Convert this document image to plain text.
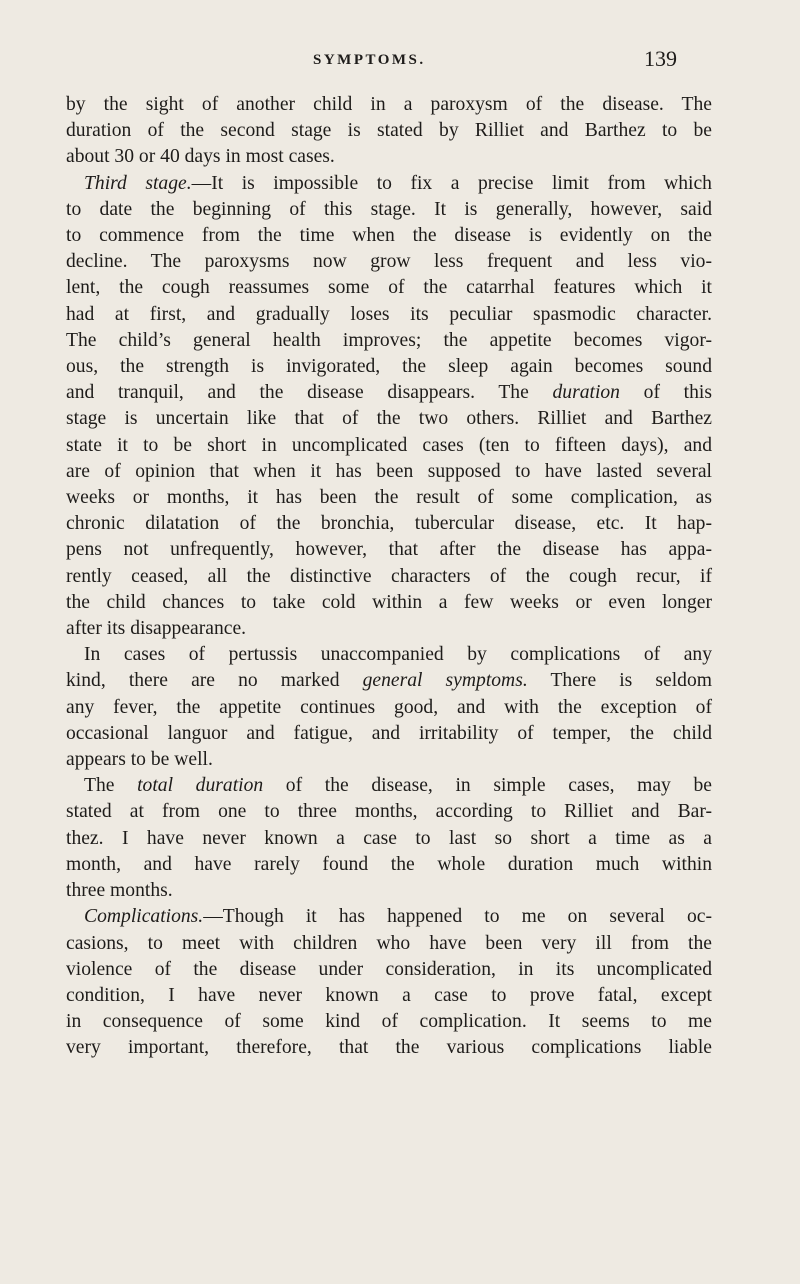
SYMPTOMS.	139
by the sight of another child in a paroxysm of the disease. The
duration of the second stage is stated by Rilliet and Barthez to be
about 30 or 40 days in most cases.
Third stage.—It is impossible to fix a precise limit from which
to date the beginning of this stage. It is generally, however, said
to commence from the time when the disease is evidently on the
decline. The paroxysms now grow less frequent and less vio-
lent, the cough reassumes some of the catarrhal features which it
had at first, and gradually loses its peculiar spasmodic character.
The child’s general health improves; the appetite becomes vigor-
ous, the strength is invigorated, the sleep again becomes sound
and tranquil, and the disease disappears. The duration of this
stage is uncertain like that of the two others. Rilliet and Barthez
state it to be short in uncomplicated cases (ten to fifteen days), and
are of opinion that when it has been supposed to have lasted several
weeks or months, it has been the result of some complication, as
chronic dilatation of the bronchia, tubercular disease, etc. It hap-
pens not unfrequently, however, that after the disease has appa-
rently ceased, all the distinctive characters of the cough recur, if
the child chances to take cold within a few weeks or even longer
after its disappearance.
In cases of pertussis unaccompanied by complications of any
kind, there are no marked general symptoms. There is seldom
any fever, the appetite continues good, and with the exception of
occasional languor and fatigue, and irritability of temper, the child
appears to be well.
The total duration of the disease, in simple cases, may be
stated at from one to three months, according to Rilliet and Bar-
thez. I have never known a case to last so short a time as a
month, and have rarely found the whole duration much within
three months.
Complications.—Though it has happened to me on several oc-
casions, to meet with children who have been very ill from the
violence of the disease under consideration, in its uncomplicated
condition, I have never known a case to prove fatal, except
in consequence of some kind of complication. It seems to me
very important, therefore, that the various complications liable
